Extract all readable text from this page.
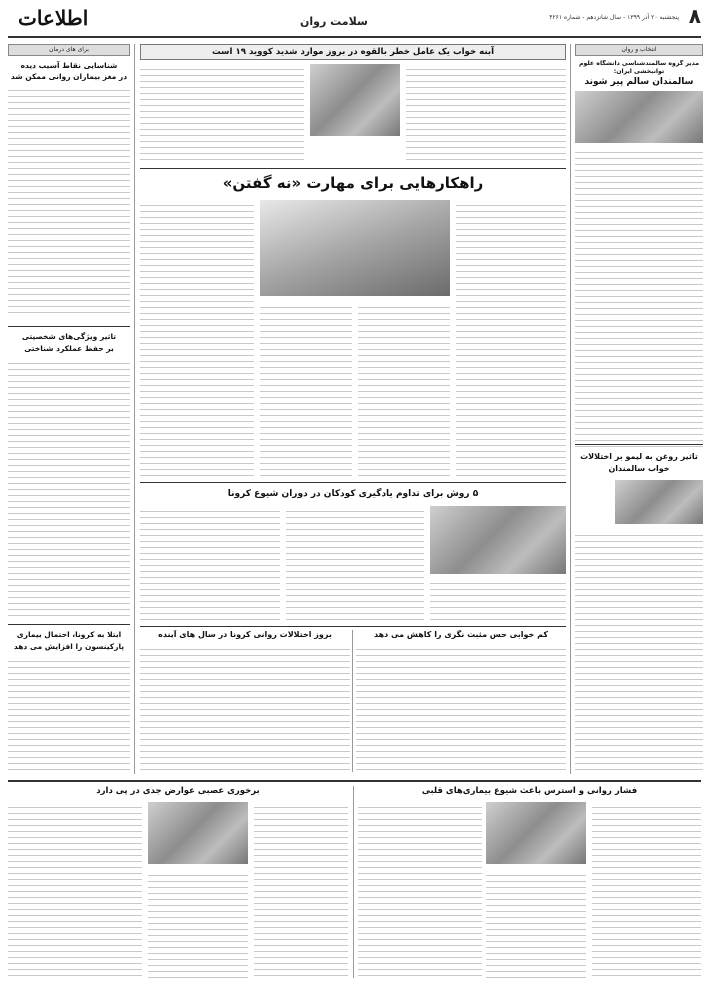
اطلاعات	سلامت روان	۸
پنجشنبه ۲۰ آذر ۱۳۹۹ - سال شانزدهم - شماره ۴۲۶۱
انتخاب و روان
مدیر گروه سالمندشناسی دانشگاه علوم
توانبخشی ایران:
سالمندان سالم پیر شوند
تاثیر روغن به لیمو بر اختلالات
خواب سالمندان
برای های درمان
شناسایی نقاط آسیب دیده
در مغز بیماران روانی ممکن شد
تاثیر ویژگی‌های شخصیتی
بر حفظ عملکرد شناختی
ابتلا به کرونا، احتمال بیماری
پارکینسون را افزایش می دهد
آبنه خواب یک عامل خطر بالقوه در بروز موارد شدید کووید ۱۹ است
راهکارهایی برای مهارت «نه گفتن»
۵ روش برای تداوم یادگیری کودکان در دوران شیوع کرونا
بروز اختلالات روانی کرونا در سال های آینده	کم خوابی حس مثبت نگری را کاهش می دهد
برخوری عصبی عوارض جدی در پی دارد	فشار روانی و استرس باعث شیوع بیماری‌های قلبی
